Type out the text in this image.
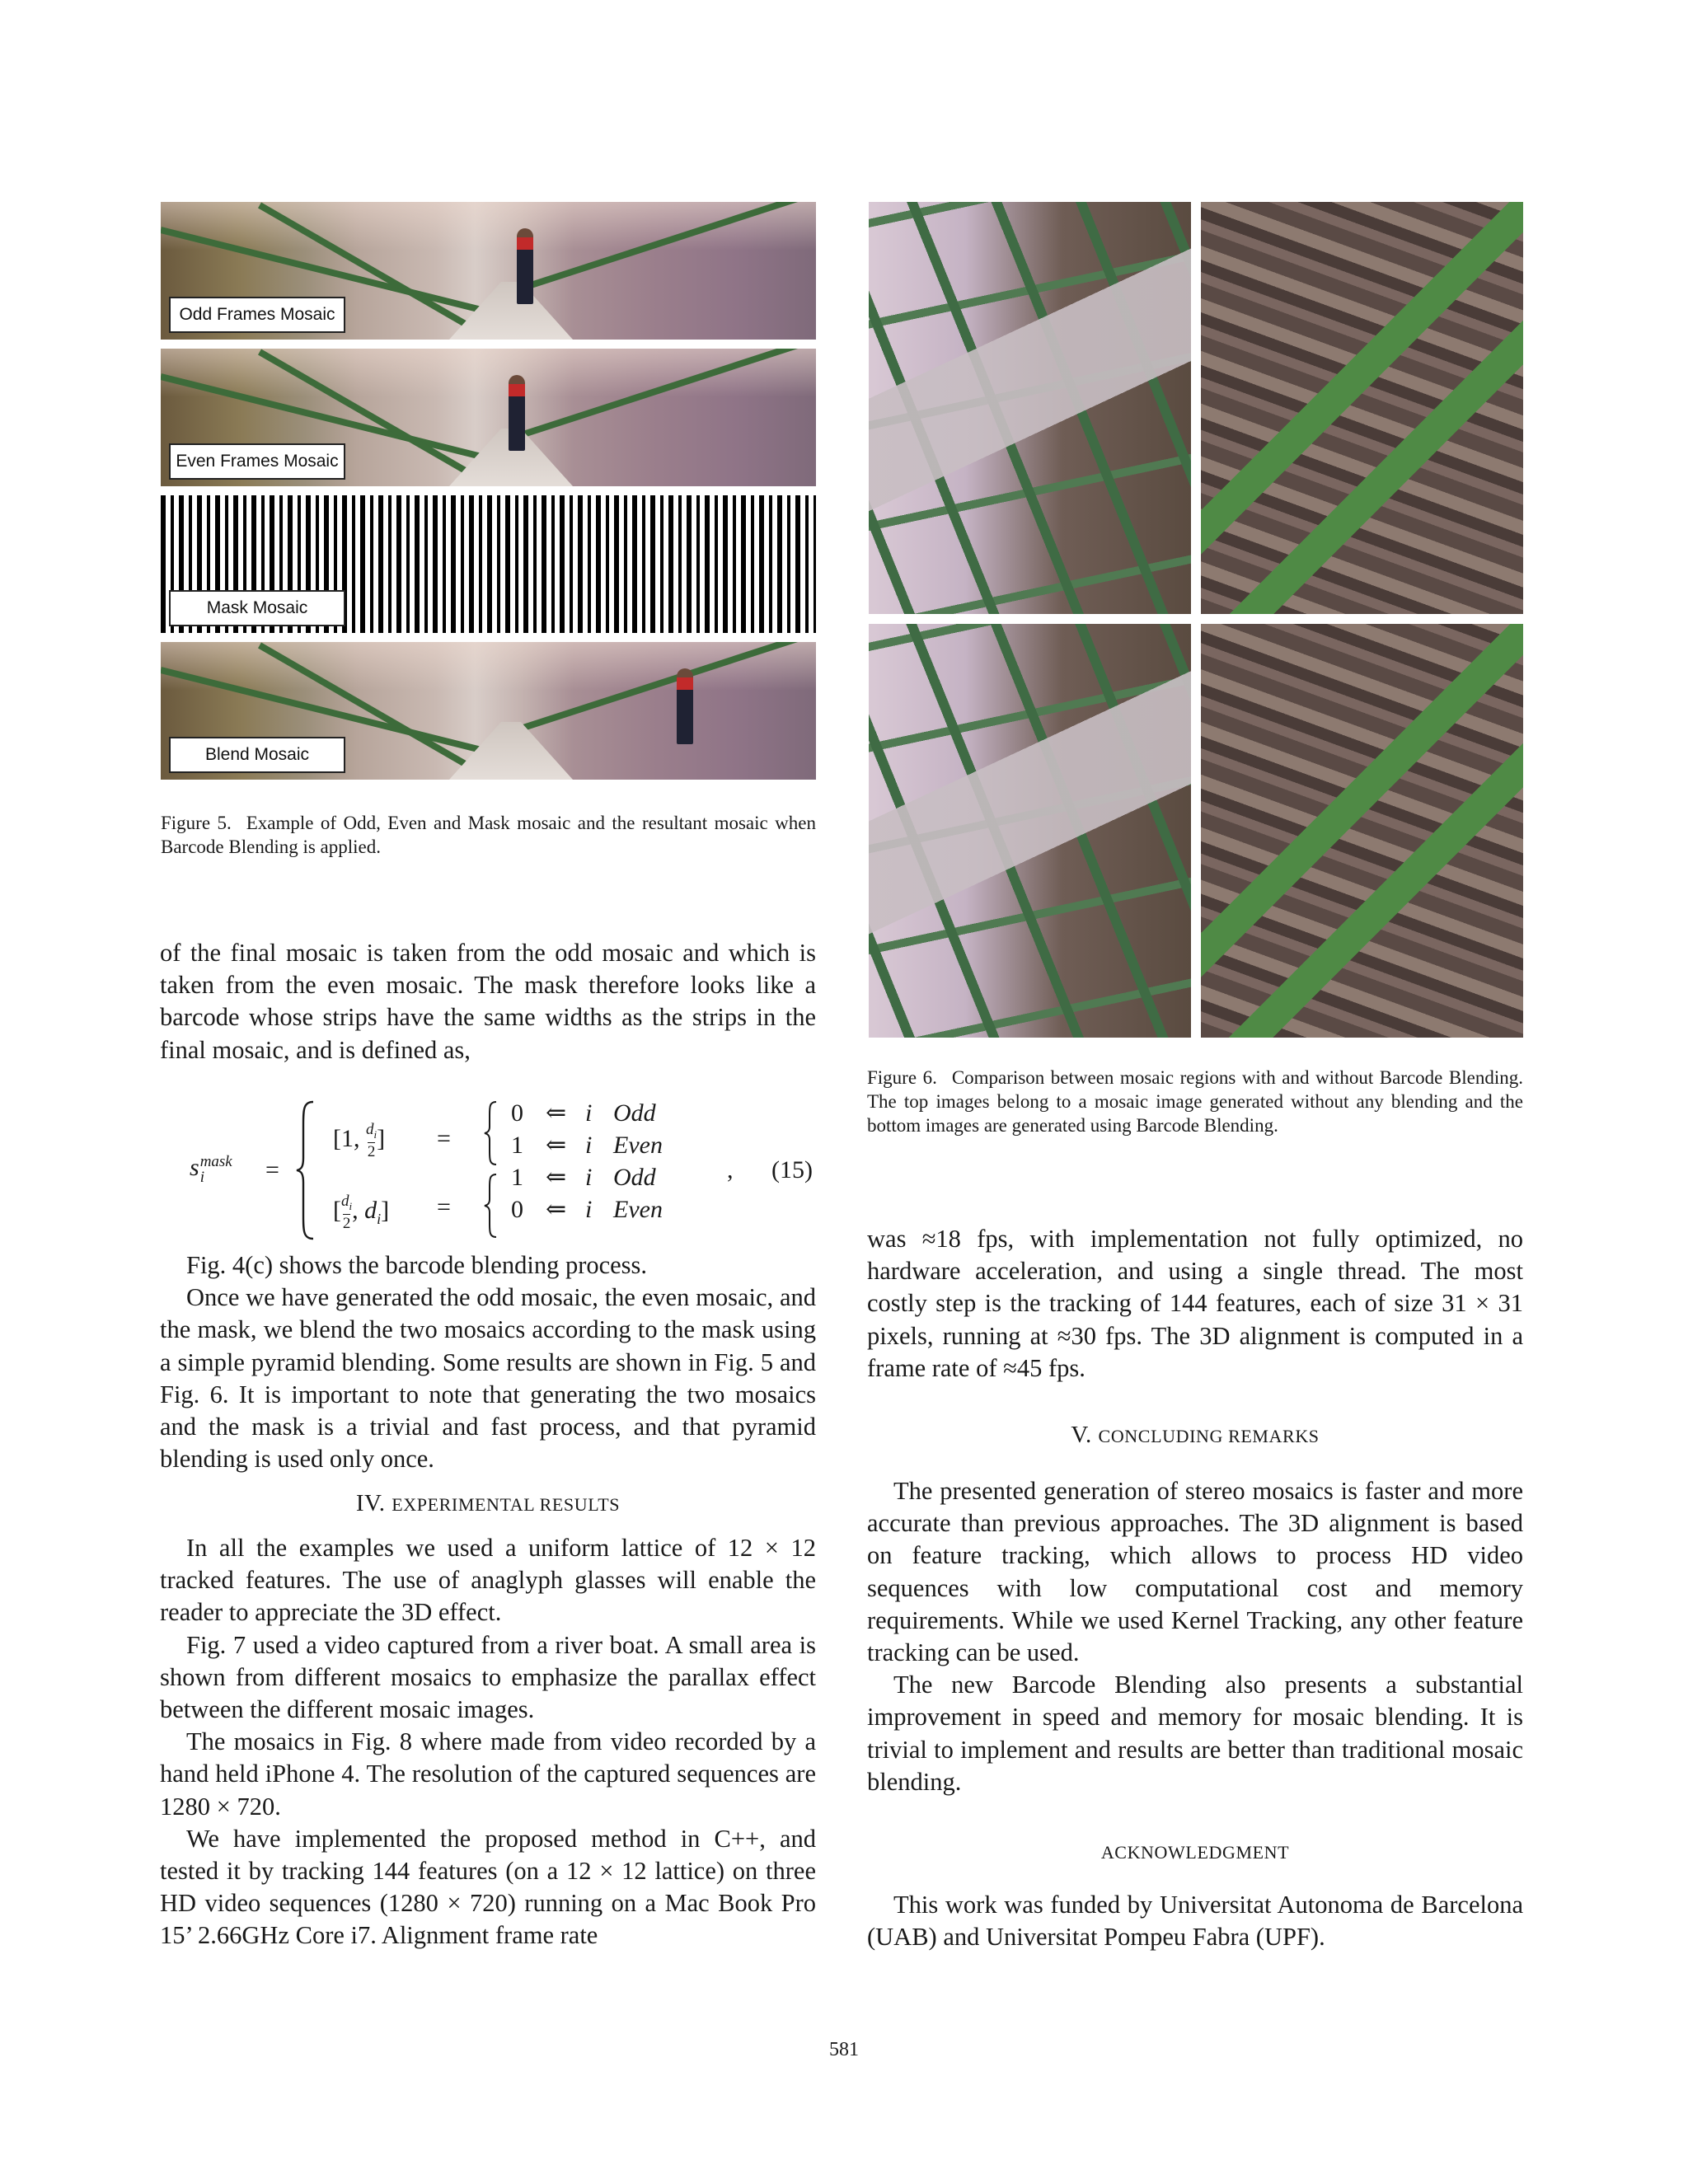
Odd Frames Mosaic
Even Frames Mosaic
Mask Mosaic
Blend Mosaic
Figure 5. Example of Odd, Even and Mask mosaic and the resultant mosaic when Barcode Blending is applied.
Figure 6. Comparison between mosaic regions with and without Barcode Blending. The top images belong to a mosaic image generated without any blending and the bottom images are generated using Barcode Blending.

of the final mosaic is taken from the odd mosaic and which is taken from the even mosaic. The mask therefore looks like a barcode whose strips have the same widths as the strips in the final mosaic, and is defined as,

s mask
i	=
[1, $\frac{d_i}{2}$ ] =
[ $\frac{d_i}{2}$ , $d_i$] =
0 ⇐ i Odd
1 ⇐ i Even
1 ⇐ i Odd
0 ⇐ i Even
, (15)

Fig. 4(c) shows the barcode blending process.

Once we have generated the odd mosaic, the even mosaic, and the mask, we blend the two mosaics according to the mask using a simple pyramid blending. Some results are shown in Fig. 5 and Fig. 6. It is important to note that generating the two mosaics and the mask is a trivial and fast process, and that pyramid blending is used only once.

IV. EXPERIMENTAL RESULTS

In all the examples we used a uniform lattice of 12 × 12 tracked features. The use of anaglyph glasses will enable the reader to appreciate the 3D effect.

Fig. 7 used a video captured from a river boat. A small area is shown from different mosaics to emphasize the parallax effect between the different mosaic images.

The mosaics in Fig. 8 where made from video recorded by a hand held iPhone 4. The resolution of the captured sequences are 1280 × 720.

We have implemented the proposed method in C++, and tested it by tracking 144 features (on a 12 × 12 lattice) on three HD video sequences (1280 × 720) running on a Mac Book Pro 15’ 2.66GHz Core i7. Alignment frame rate

was ≈18 fps, with implementation not fully optimized, no hardware acceleration, and using a single thread. The most costly step is the tracking of 144 features, each of size 31 × 31 pixels, running at ≈30 fps. The 3D alignment is computed in a frame rate of ≈45 fps.

V. CONCLUDING REMARKS

The presented generation of stereo mosaics is faster and more accurate than previous approaches. The 3D alignment is based on feature tracking, which allows to process HD video sequences with low computational cost and memory requirements. While we used Kernel Tracking, any other feature tracking can be used.

The new Barcode Blending also presents a substantial improvement in speed and memory for mosaic blending. It is trivial to implement and results are better than traditional mosaic blending.

ACKNOWLEDGMENT

This work was funded by Universitat Autonoma de Barcelona (UAB) and Universitat Pompeu Fabra (UPF).

581
